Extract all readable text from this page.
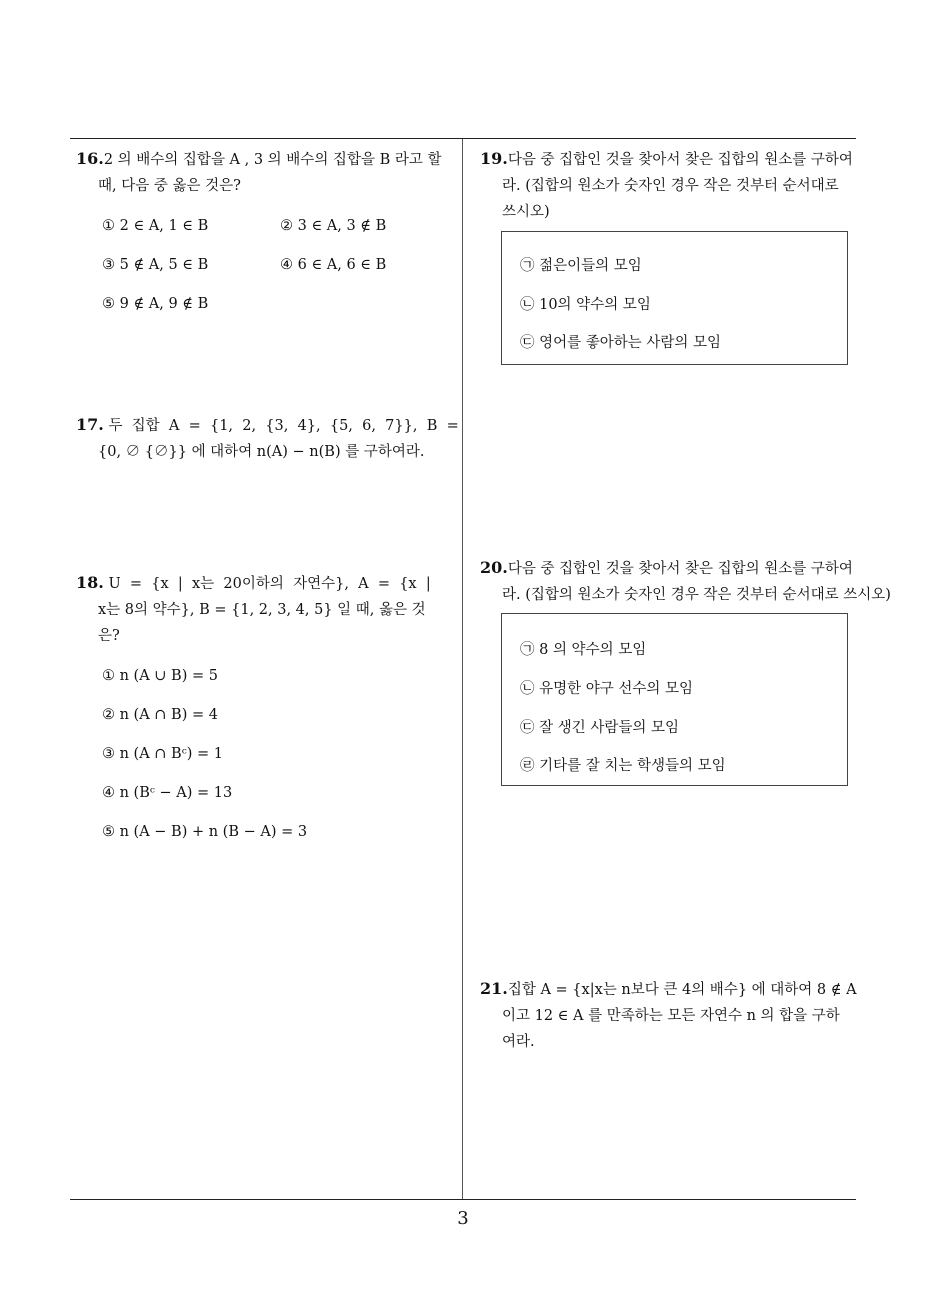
16.2 의 배수의 집합을 A , 3 의 배수의 집합을 B 라고 할
때, 다음 중 옳은 것은?
① 2 ∈ A, 1 ∈ B	② 3 ∈ A, 3 ∉ B
③ 5 ∉ A, 5 ∈ B	④ 6 ∈ A, 6 ∈ B
⑤ 9 ∉ A, 9 ∉ B
17. 두  집합  A  =  {1,  2,  {3,  4},  {5,  6,  7}},  B  =
{0, ∅ {∅}} 에 대하여 n(A) − n(B) 를 구하여라.
18. U  =  {x  |  x는  20이하의  자연수},  A  =  {x  |
x는 8의 약수}, B = {1, 2, 3, 4, 5} 일 때, 옳은 것
은?
① n (A ∪ B) = 5
② n (A ∩ B) = 4
③ n (A ∩ Bᶜ) = 1
④ n (Bᶜ − A) = 13
⑤ n (A − B) + n (B − A) = 3
19.다음 중 집합인 것을 찾아서 찾은 집합의 원소를 구하여
라. (집합의 원소가 숫자인 경우 작은 것부터 순서대로
쓰시오)
㉠ 젊은이들의 모임
㉡ 10의 약수의 모임
㉢ 영어를 좋아하는 사람의 모임
20.다음 중 집합인 것을 찾아서 찾은 집합의 원소를 구하여
라. (집합의 원소가 숫자인 경우 작은 것부터 순서대로 쓰시오)
㉠ 8 의 약수의 모임
㉡ 유명한 야구 선수의 모임
㉢ 잘 생긴 사람들의 모임
㉣ 기타를 잘 치는 학생들의 모임
21.집합 A = {x|x는 n보다 큰 4의 배수} 에 대하여 8 ∉ A
이고 12 ∈ A 를 만족하는 모든 자연수 n 의 합을 구하
여라.
3
